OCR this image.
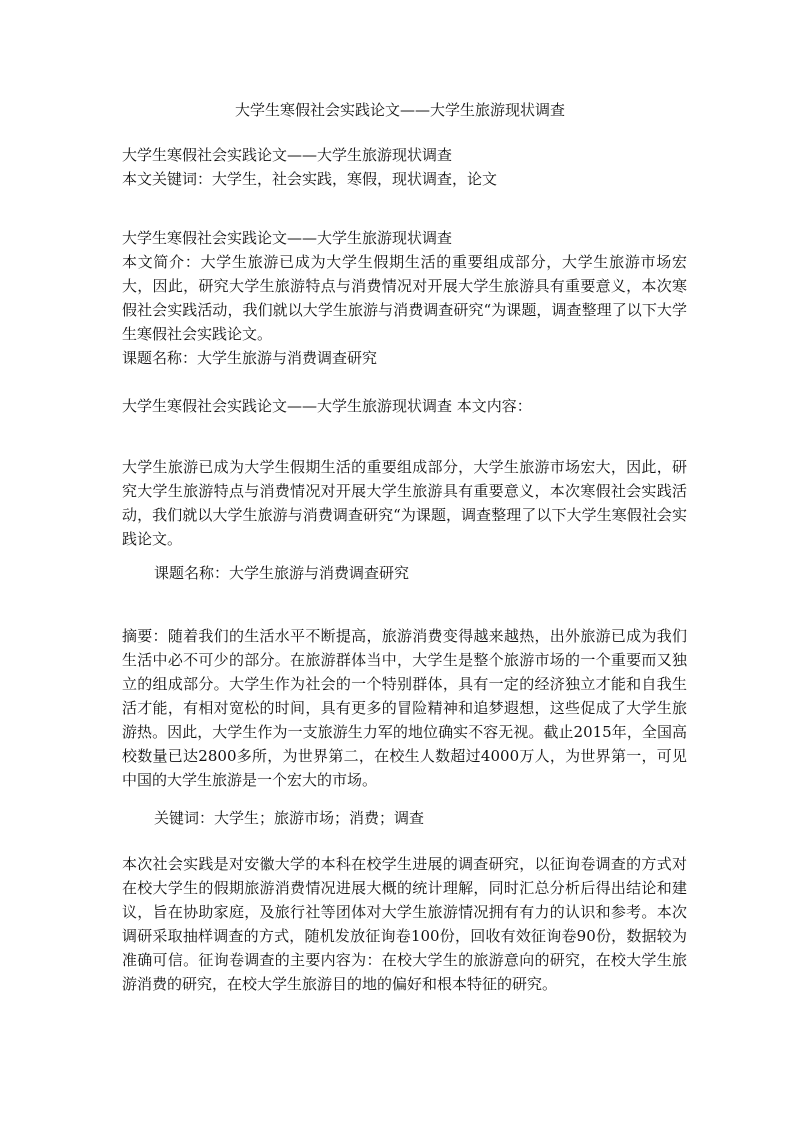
大学生寒假社会实践论文——大学生旅游现状调查

大学生寒假社会实践论文——大学生旅游现状调查

本文关键词：大学生，社会实践，寒假，现状调查，论文

大学生寒假社会实践论文——大学生旅游现状调查

本文简介：大学生旅游已成为大学生假期生活的重要组成部分，大学生旅游市场宏大，因此，研究大学生旅游特点与消费情况对开展大学生旅游具有重要意义，本次寒假社会实践活动，我们就以大学生旅游与消费调查研究“为课题，调查整理了以下大学生寒假社会实践论文。

课题名称：大学生旅游与消费调查研究

大学生寒假社会实践论文——大学生旅游现状调查 本文内容：

大学生旅游已成为大学生假期生活的重要组成部分，大学生旅游市场宏大，因此，研究大学生旅游特点与消费情况对开展大学生旅游具有重要意义，本次寒假社会实践活动，我们就以大学生旅游与消费调查研究“为课题，调查整理了以下大学生寒假社会实践论文。

课题名称：大学生旅游与消费调查研究

摘要：随着我们的生活水平不断提高，旅游消费变得越来越热，出外旅游已成为我们生活中必不可少的部分。在旅游群体当中，大学生是整个旅游市场的一个重要而又独立的组成部分。大学生作为社会的一个特别群体，具有一定的经济独立才能和自我生活才能，有相对宽松的时间，具有更多的冒险精神和追梦遐想，这些促成了大学生旅游热。因此，大学生作为一支旅游生力军的地位确实不容无视。截止2015年，全国高校数量已达2800多所，为世界第二，在校生人数超过4000万人，为世界第一，可见中国的大学生旅游是一个宏大的市场。

关键词：大学生；旅游市场；消费；调查

本次社会实践是对安徽大学的本科在校学生进展的调查研究，以征询卷调查的方式对在校大学生的假期旅游消费情况进展大概的统计理解，同时汇总分析后得出结论和建议，旨在协助家庭，及旅行社等团体对大学生旅游情况拥有有力的认识和参考。本次调研采取抽样调查的方式，随机发放征询卷100份，回收有效征询卷90份，数据较为准确可信。征询卷调查的主要内容为：在校大学生的旅游意向的研究，在校大学生旅游消费的研究，在校大学生旅游目的地的偏好和根本特征的研究。
